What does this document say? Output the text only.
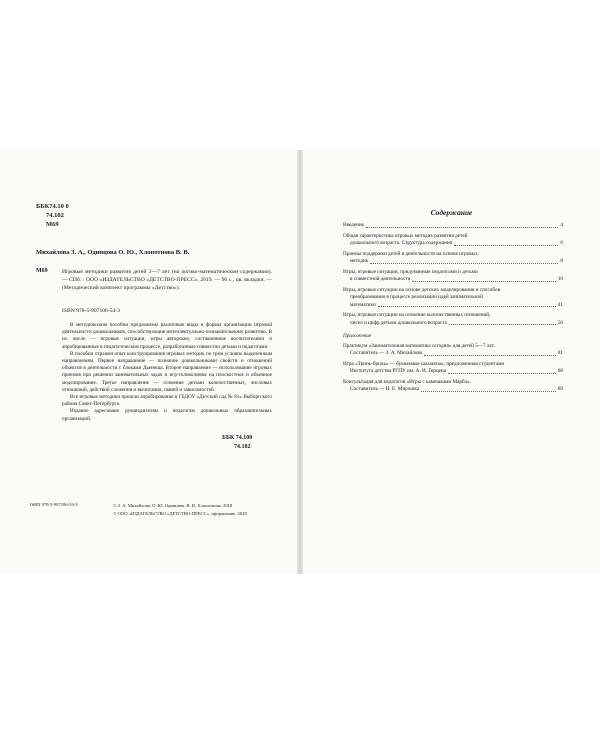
ББК74.10 0
74.102
М69
Михайлова З. А., Одинцова О. Ю., Хлопотнова В. В.
М69	Игровые методики развития детей 3—7 лет (на логико-математическом содержании). — СПб. : ООО «ИЗДАТЕЛЬСТВО «ДЕТСТВО-ПРЕСС», 2019. — 96 с., цв. вкладки. — (Методический комплект программы «Детство»).
ISBN 978-5-907106-54-3

В методическом пособии предложены различные виды и формы организации игровой деятельности дошкольников, способствующие интеллектуально-познавательному развитию. В их числе — игровые ситуации, игры авторские, составленные воспитателями и апробированные в педагогическом процессе, разработанные совместно детьми и педагогами.

В пособии отражен опыт конструирования игровых методик по трем условно выделенным направлениям. Первое направление — познание дошкольниками свойств и отношений объектов в деятельности с блоками Дьенеша. Второе направление — использование игровых приемов при решении занимательных задач и игр-головоломок на плоскостное и объемное моделирование. Третье направление — освоение детьми количественных, числовых отношений, действий сложения и вычитания, связей и зависимостей.

Все игровые методики прошли апробирование в ГБДОУ «Детский сад № 81» Выборгского района Санкт-Петербурга.

Издание адресовано руководителям и педагогам дошкольных образовательных организаций.

ББК 74.100
74.102
ISBN 978-5-907106-54-3	© З. А. Михайлова, О. Ю. Одинцова, В. В. Хлопотнова, 2018
© ООО «ИЗДАТЕЛЬСТВО «ДЕТСТВО-ПРЕСС», оформление, 2018
Содержание
Введение	4
Общая характеристика игровых методик развития детей
дошкольного возраста. Структура содержания	6
Приемы поддержки детей в деятельности на основе игровых
методик	8
Игры, игровые ситуации, придуманные педагогами и детьми
в совместной деятельности	10
Игры, игровые ситуации на основе детских моделирования и способов
преобразования в процессе реализации идей занимательной
математики	41
Игры, игровые ситуации на освоение количественных отношений,
чисел и цифр детьми дошкольного возраста	56
Приложение
Практикум «Занимательная математика сегодня» для детей 5—7 лет.
Составитель — З. А. Михайлова	81
Игра «Трипь-бриль» — букваемые шахматы», предложенная студентами
Института детства РГПУ им. А. И. Герцена	88
Консультация для педагогов «Игры с камешками Марбл».
Составитель — И. Е. Мирошка	89
